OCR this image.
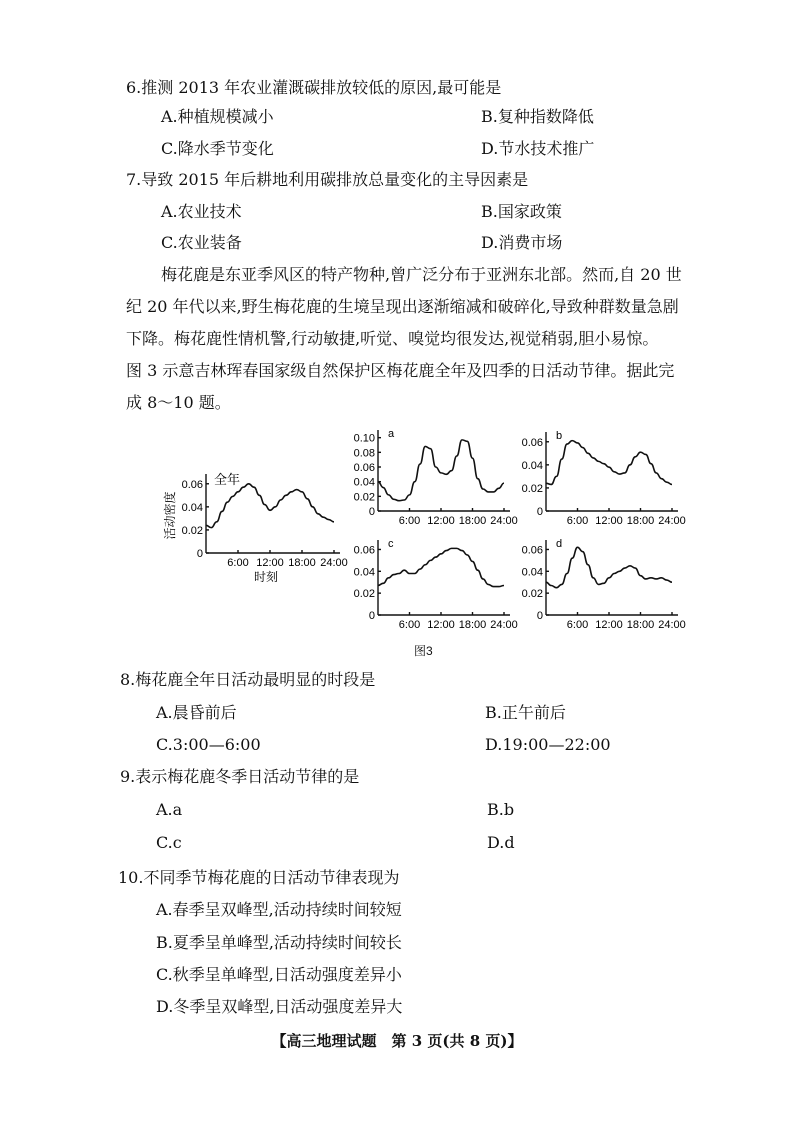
6.推测 2013 年农业灌溉碳排放较低的原因,最可能是
A.种植规模减小	B.复种指数降低
C.降水季节变化	D.节水技术推广
7.导致 2015 年后耕地利用碳排放总量变化的主导因素是
A.农业技术	B.国家政策
C.农业装备	D.消费市场
梅花鹿是东亚季风区的特产物种,曾广泛分布于亚洲东北部。然而,自 20 世
纪 20 年代以来,野生梅花鹿的生境呈现出逐渐缩减和破碎化,导致种群数量急剧
下降。梅花鹿性情机警,行动敏捷,听觉、嗅觉均很发达,视觉稍弱,胆小易惊。
图 3 示意吉林珲春国家级自然保护区梅花鹿全年及四季的日活动节律。据此完
成 8～10 题。
0
0.02
0.04
0.06
6:00 12:00 18:00 24:00
全年
时刻
活动密度	0
0.02
0.04
0.06
0.08
0.10
6:00 12:00 18:00 24:00
a
0
0.02
0.04
0.06
6:00 12:00 18:00 24:00
b
0
0.02
0.04
0.06
6:00 12:00 18:00 24:00
c
0
0.02
0.04
0.06
6:00 12:00 18:00 24:00
d
图3
8.梅花鹿全年日活动最明显的时段是
A.晨昏前后	B.正午前后
C.3:00—6:00	D.19:00—22:00
9.表示梅花鹿冬季日活动节律的是
A.a	B.b
C.c	D.d
10.不同季节梅花鹿的日活动节律表现为
A.春季呈双峰型,活动持续时间较短
B.夏季呈单峰型,活动持续时间较长
C.秋季呈单峰型,日活动强度差异小
D.冬季呈双峰型,日活动强度差异大
【高三地理试题　第 3 页(共 8 页)】
